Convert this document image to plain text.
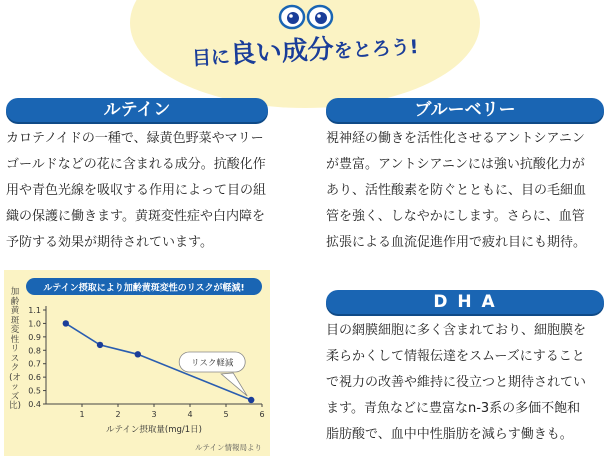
目に良い成分をとろう!
ルテイン

カロテノイドの一種で、緑黄色野菜やマリー
ゴールドなどの花に含まれる成分。抗酸化作
用や青色光線を吸収する作用によって目の組
織の保護に働きます。黄斑変性症や白内障を
予防する効果が期待されています。

ブルーベリー

視神経の働きを活性化させるアントシアニン
が豊富。アントシアニンには強い抗酸化力が
あり、活性酸素を防ぐとともに、目の毛細血
管を強く、しなやかにします。さらに、血管
拡張による血流促進作用で疲れ目にも期待。

D H A

目の網膜細胞に多く含まれており、細胞膜を
柔らかくして情報伝達をスムーズにすること
で視力の改善や維持に役立つと期待されてい
ます。青魚などに豊富なn-3系の多価不飽和
脂肪酸で、血中中性脂肪を減らす働きも。

加齢黄斑変性リスク(オッズ比)
ルテイン摂取により加齢黄斑変性のリスクが軽減!
0.4
0.5
0.6
0.7
0.8
0.9
1.0
1.1
1	2	3	4	5	6
ルテイン摂取量(mg/1日)
リスク軽減
ルテイン情報局より
